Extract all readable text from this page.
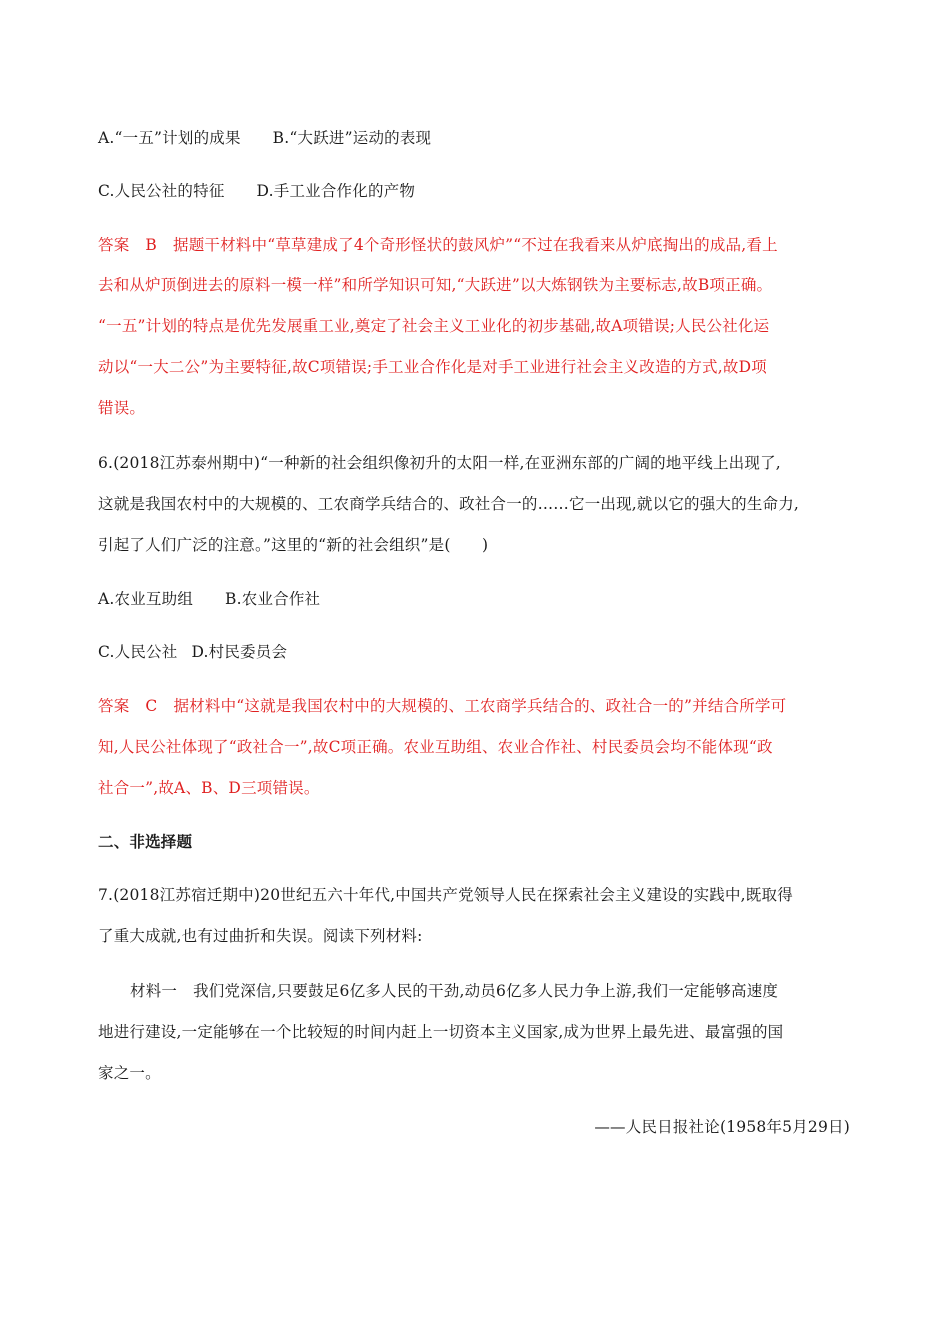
A.“一五”计划的成果 B.“大跃进”运动的表现
C.人民公社的特征 D.手工业合作化的产物
答案 B 据题干材料中“草草建成了4个奇形怪状的鼓风炉”“不过在我看来从炉底掏出的成品,看上
去和从炉顶倒进去的原料一模一样”和所学知识可知,“大跃进”以大炼钢铁为主要标志,故B项正确。
“一五”计划的特点是优先发展重工业,奠定了社会主义工业化的初步基础,故A项错误;人民公社化运
动以“一大二公”为主要特征,故C项错误;手工业合作化是对手工业进行社会主义改造的方式,故D项
错误。
6.(2018江苏泰州期中)“一种新的社会组织像初升的太阳一样,在亚洲东部的广阔的地平线上出现了,
这就是我国农村中的大规模的、工农商学兵结合的、政社合一的……它一出现,就以它的强大的生命力,
引起了人们广泛的注意。”这里的“新的社会组织”是(　　)
A.农业互助组 B.农业合作社
C.人民公社 D.村民委员会
答案 C 据材料中“这就是我国农村中的大规模的、工农商学兵结合的、政社合一的”并结合所学可
知,人民公社体现了“政社合一”,故C项正确。农业互助组、农业合作社、村民委员会均不能体现“政
社合一”,故A、B、D三项错误。
二、非选择题
7.(2018江苏宿迁期中)20世纪五六十年代,中国共产党领导人民在探索社会主义建设的实践中,既取得
了重大成就,也有过曲折和失误。阅读下列材料:
材料一 我们党深信,只要鼓足6亿多人民的干劲,动员6亿多人民力争上游,我们一定能够高速度
地进行建设,一定能够在一个比较短的时间内赶上一切资本主义国家,成为世界上最先进、最富强的国
家之一。
——人民日报社论(1958年5月29日)
